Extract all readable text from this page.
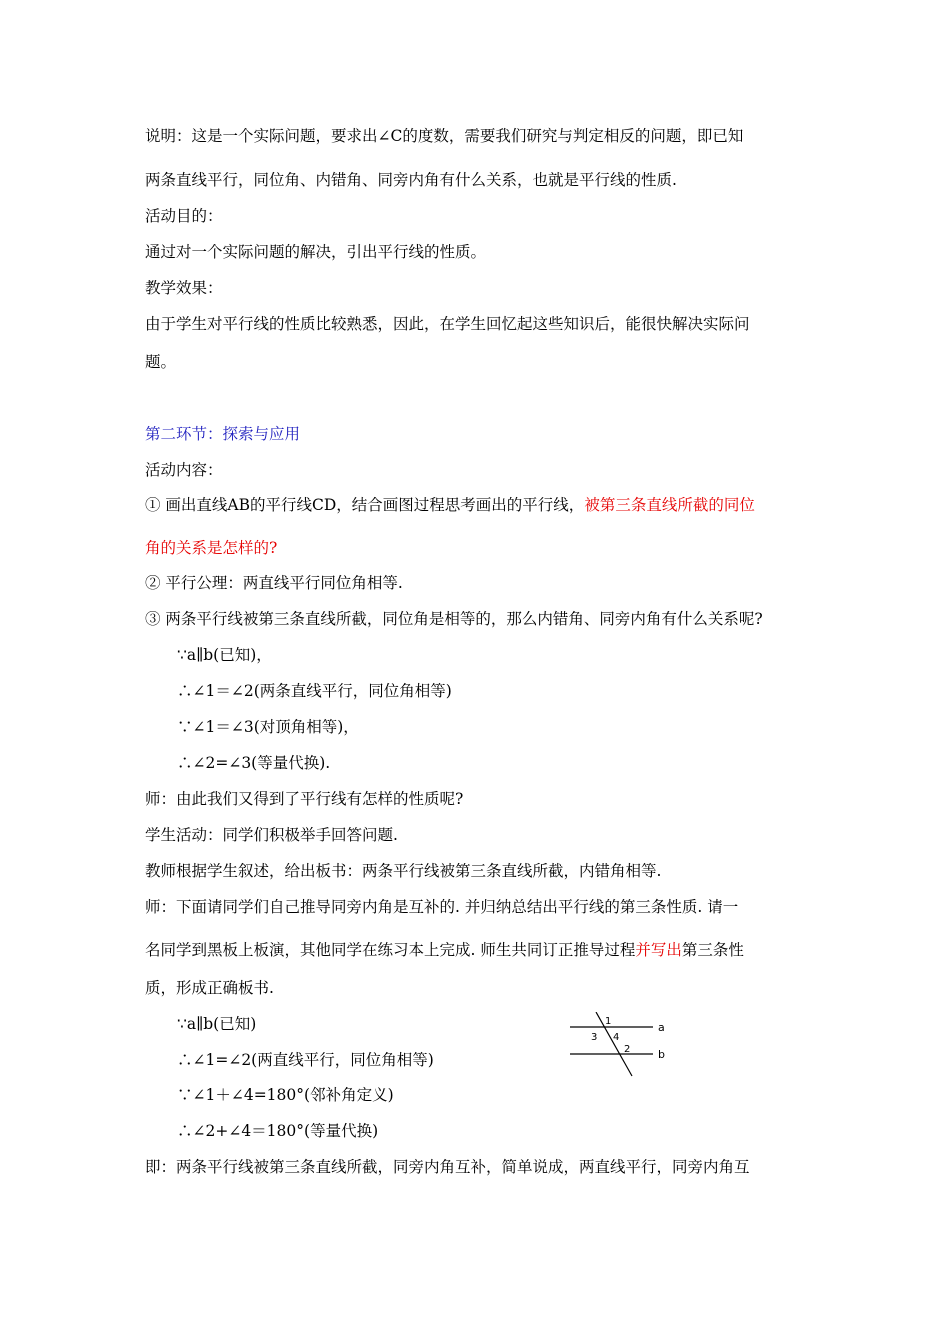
说明：这是一个实际问题，要求出∠C的度数，需要我们研究与判定相反的问题，即已知
两条直线平行，同位角、内错角、同旁内角有什么关系，也就是平行线的性质.
活动目的：
通过对一个实际问题的解决，引出平行线的性质。
教学效果：
由于学生对平行线的性质比较熟悉，因此，在学生回忆起这些知识后，能很快解决实际问
题。
第二环节：探索与应用
活动内容：
① 画出直线AB的平行线CD，结合画图过程思考画出的平行线，被第三条直线所截的同位
角的关系是怎样的?
② 平行公理：两直线平行同位角相等.
③ 两条平行线被第三条直线所截，同位角是相等的，那么内错角、同旁内角有什么关系呢?
∵a∥b(已知)，
∴∠1＝∠2(两条直线平行，同位角相等)
∵∠1＝∠3(对顶角相等)，
∴∠2=∠3(等量代换).
师：由此我们又得到了平行线有怎样的性质呢?
学生活动：同学们积极举手回答问题.
教师根据学生叙述，给出板书：两条平行线被第三条直线所截，内错角相等.
师：下面请同学们自己推导同旁内角是互补的. 并归纳总结出平行线的第三条性质. 请一
名同学到黑板上板演，其他同学在练习本上完成. 师生共同订正推导过程并写出第三条性
质，形成正确板书.
∵a∥b(已知)
∴∠1=∠2(两直线平行，同位角相等)
∵∠1＋∠4=180°(邻补角定义)
∴∠2+∠4＝180°(等量代换)
即：两条平行线被第三条直线所截，同旁内角互补，简单说成，两直线平行，同旁内角互
a
b
1
3 4
2
